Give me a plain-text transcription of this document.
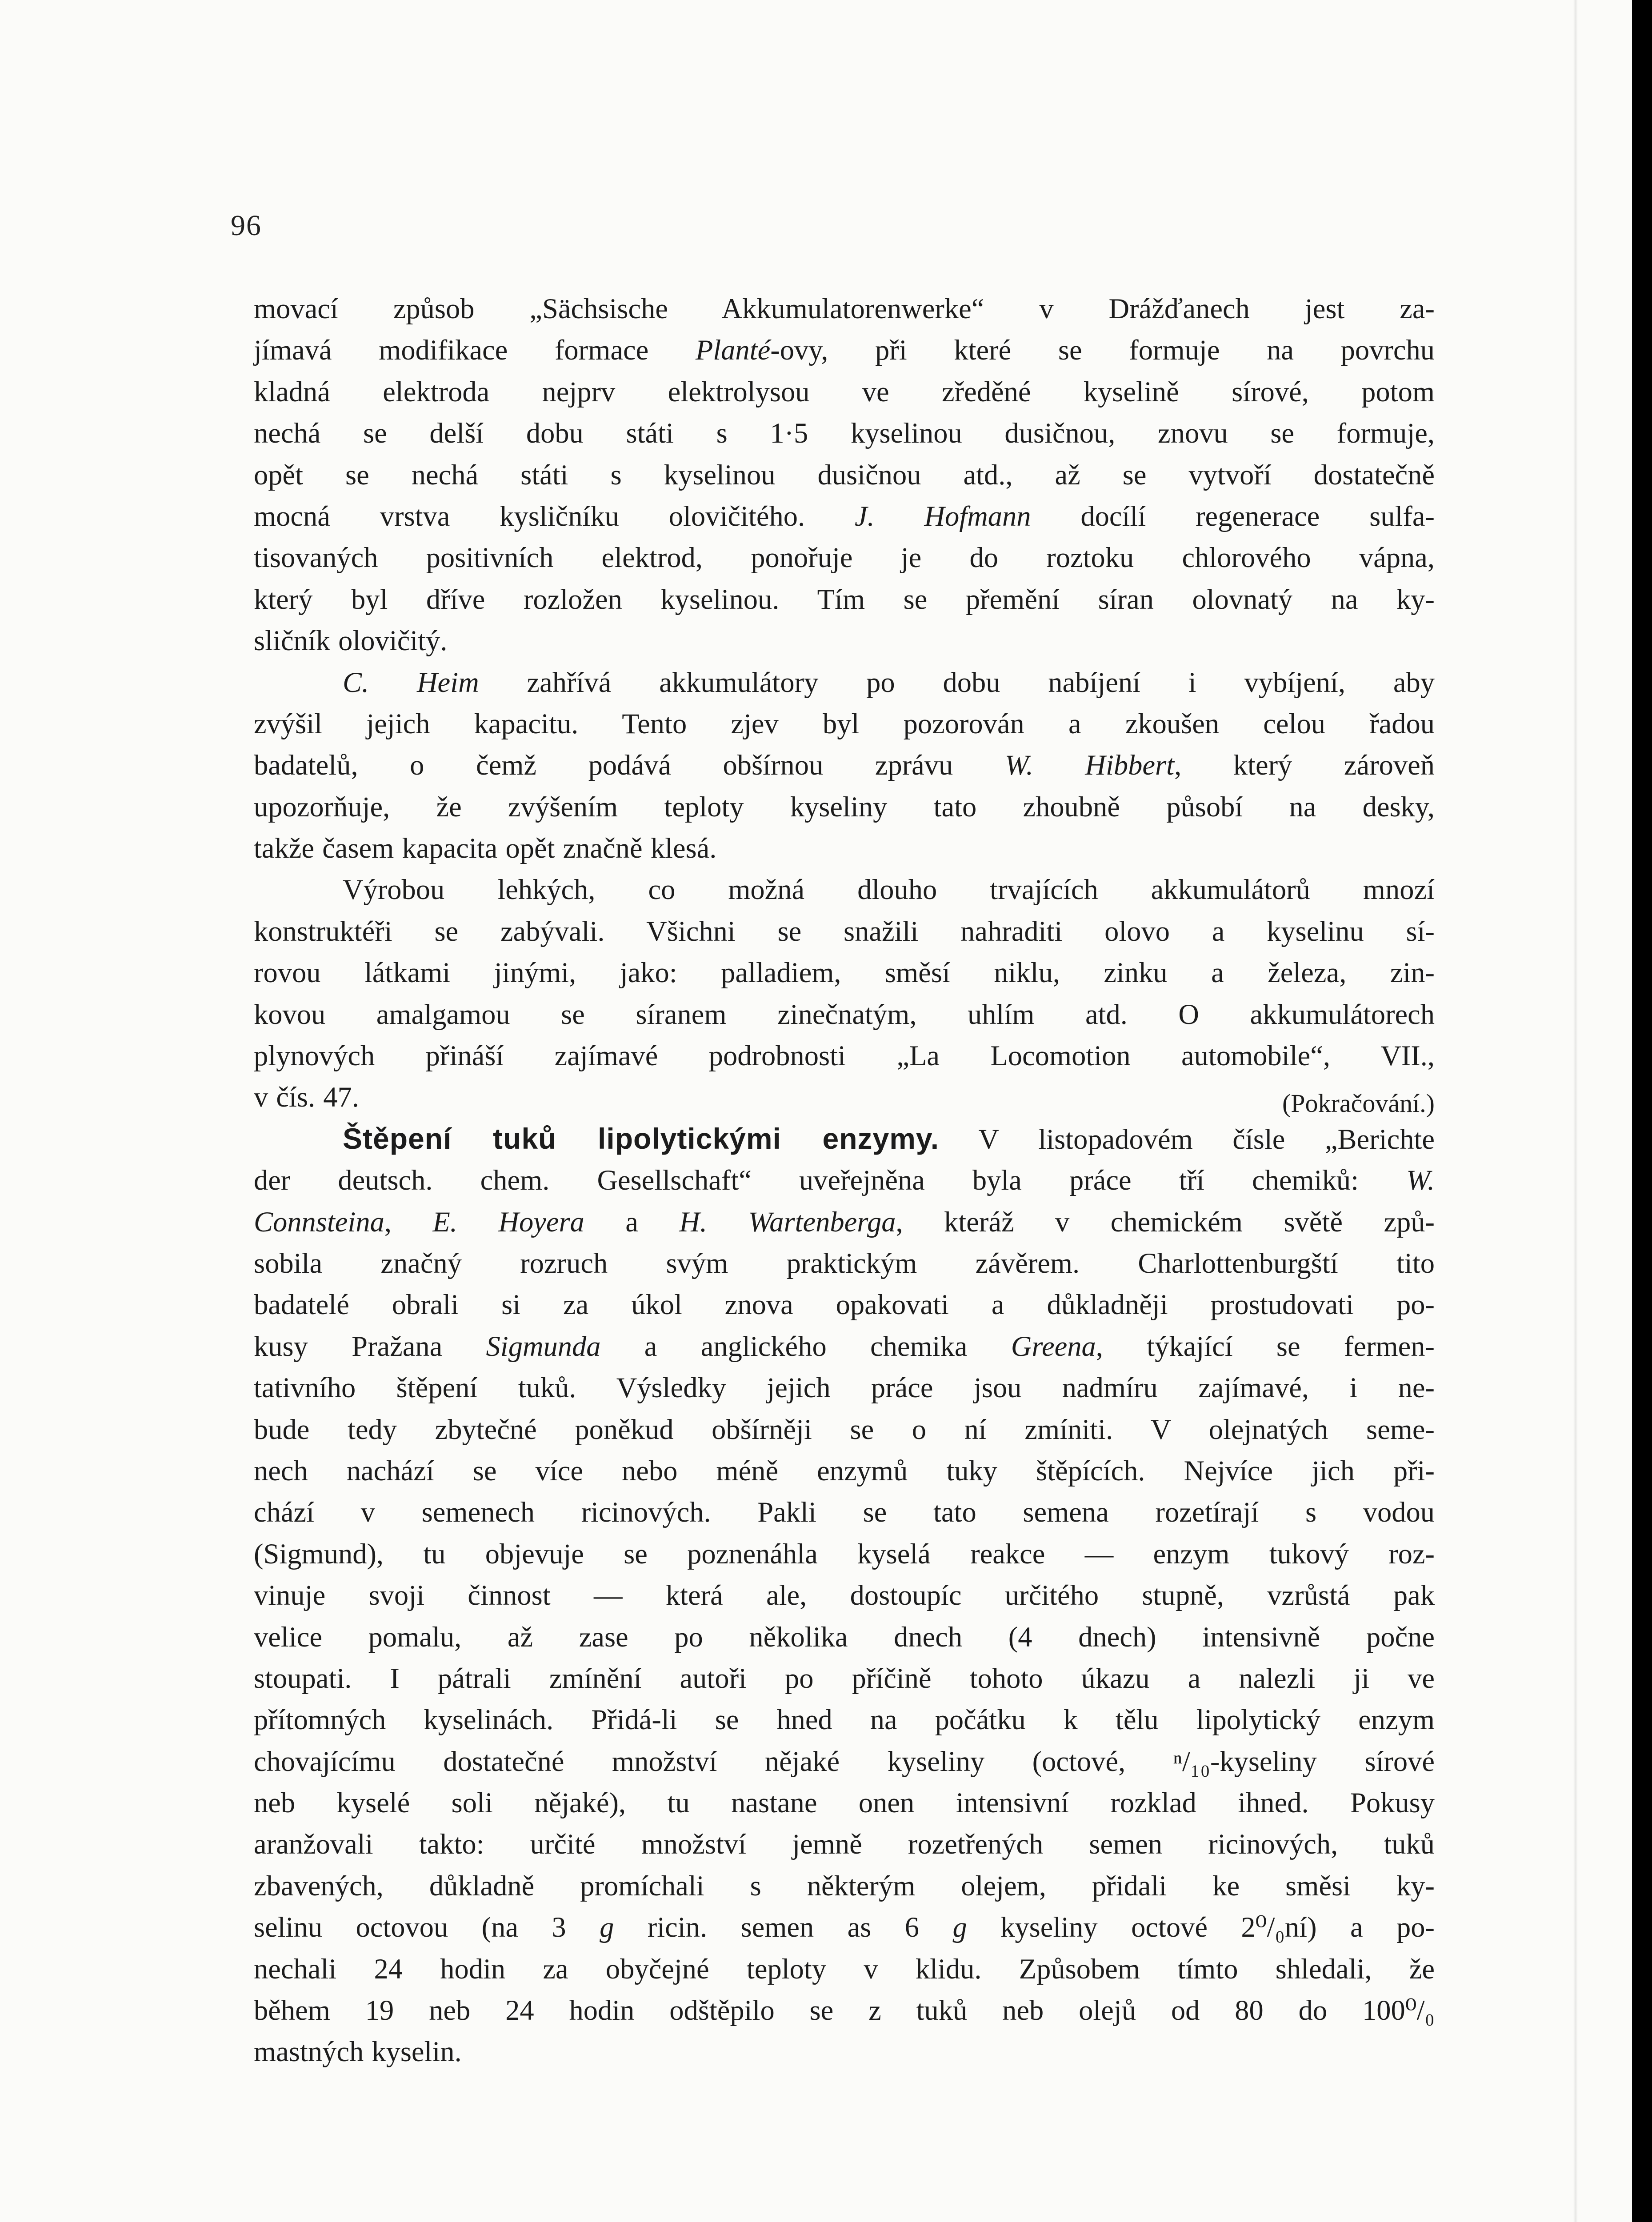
96
movací způsob „Sächsische Akkumulatorenwerke“ v Drážďanech jest za-
jímavá modifikace formace Planté-ovy, při které se formuje na povrchu
kladná elektroda nejprv elektrolysou ve zředěné kyselině sírové, potom
nechá se delší dobu státi s 1·5 kyselinou dusičnou, znovu se formuje,
opět se nechá státi s kyselinou dusičnou atd., až se vytvoří dostatečně
mocná vrstva kysličníku olovičitého. J. Hofmann docílí regenerace sulfa-
tisovaných positivních elektrod, ponořuje je do roztoku chlorového vápna,
který byl dříve rozložen kyselinou. Tím se přemění síran olovnatý na ky-
sličník olovičitý.
C. Heim zahřívá akkumulátory po dobu nabíjení i vybíjení, aby
zvýšil jejich kapacitu. Tento zjev byl pozorován a zkoušen celou řadou
badatelů, o čemž podává obšírnou zprávu W. Hibbert, který zároveň
upozorňuje, že zvýšením teploty kyseliny tato zhoubně působí na desky,
takže časem kapacita opět značně klesá.
Výrobou lehkých, co možná dlouho trvajících akkumulátorů mnozí
konstruktéři se zabývali. Všichni se snažili nahraditi olovo a kyselinu sí-
rovou látkami jinými, jako: palladiem, směsí niklu, zinku a železa, zin-
kovou amalgamou se síranem zinečnatým, uhlím atd. O akkumulátorech
plynových přináší zajímavé podrobnosti „La Locomotion automobile“, VII.,
v čís. 47.	(Pokračování.)
Štěpení tuků lipolytickými enzymy. V listopadovém čísle „Berichte
der deutsch. chem. Gesellschaft“ uveřejněna byla práce tří chemiků: W.
Connsteina, E. Hoyera a H. Wartenberga, kteráž v chemickém světě způ-
sobila značný rozruch svým praktickým závěrem. Charlottenburgští tito
badatelé obrali si za úkol znova opakovati a důkladněji prostudovati po-
kusy Pražana Sigmunda a anglického chemika Greena, týkající se fermen-
tativního štěpení tuků. Výsledky jejich práce jsou nadmíru zajímavé, i ne-
bude tedy zbytečné poněkud obšírněji se o ní zmíniti. V olejnatých seme-
nech nachází se více nebo méně enzymů tuky štěpících. Nejvíce jich při-
chází v semenech ricinových. Pakli se tato semena rozetírají s vodou
(Sigmund), tu objevuje se poznenáhla kyselá reakce — enzym tukový roz-
vinuje svoji činnost — která ale, dostoupíc určitého stupně, vzrůstá pak
velice pomalu, až zase po několika dnech (4 dnech) intensivně počne
stoupati. I pátrali zmínění autoři po příčině tohoto úkazu a nalezli ji ve
přítomných kyselinách. Přidá-li se hned na počátku k tělu lipolytický enzym
chovajícímu dostatečné množství nějaké kyseliny (octové, ⁿ/₁₀-kyseliny sírové
neb kyselé soli nějaké), tu nastane onen intensivní rozklad ihned. Pokusy
aranžovali takto: určité množství jemně rozetřených semen ricinových, tuků
zbavených, důkladně promíchali s některým olejem, přidali ke směsi ky-
selinu octovou (na 3 g ricin. semen as 6 g kyseliny octové 2⁰/₀ní) a po-
nechali 24 hodin za obyčejné teploty v klidu. Způsobem tímto shledali, že
během 19 neb 24 hodin odštěpilo se z tuků neb olejů od 80 do 100⁰/₀
mastných kyselin.
